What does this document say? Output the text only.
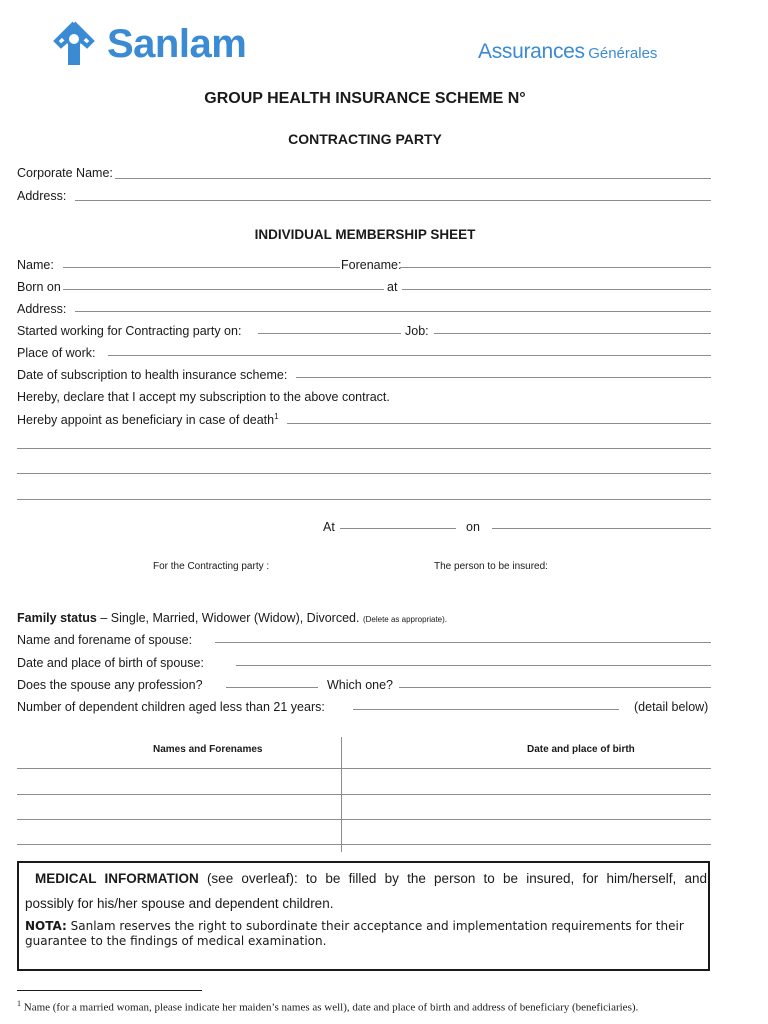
Sanlam	Assurances Générales
GROUP HEALTH INSURANCE SCHEME N°
CONTRACTING PARTY
Corporate Name:
Address:
INDIVIDUAL MEMBERSHIP SHEET
Name:	Forename:
Born on	at
Address:
Started working for Contracting party on:	Job:
Place of work:
Date of subscription to health insurance scheme:
Hereby, declare that I accept my subscription to the above contract.
Hereby appoint as beneficiary in case of death$^1$
At	on
For the Contracting party :	The person to be insured:
Family status – Single, Married, Widower (Widow), Divorced. (Delete as appropriate).
Name and forename of spouse:
Date and place of birth of spouse:
Does the spouse any profession?	Which one?
Number of dependent children aged less than 21 years:	(detail below)
Names and Forenames	Date and place of birth
MEDICAL INFORMATION (see overleaf): to be filled by the person to be insured, for him/herself, and
possibly for his/her spouse and dependent children.
NOTA: Sanlam reserves the right to subordinate their acceptance and implementation requirements for their guarantee to the findings of medical examination.
$^1$ Name (for a married woman, please indicate her maiden’s names as well), date and place of birth and address of beneficiary (beneficiaries).
